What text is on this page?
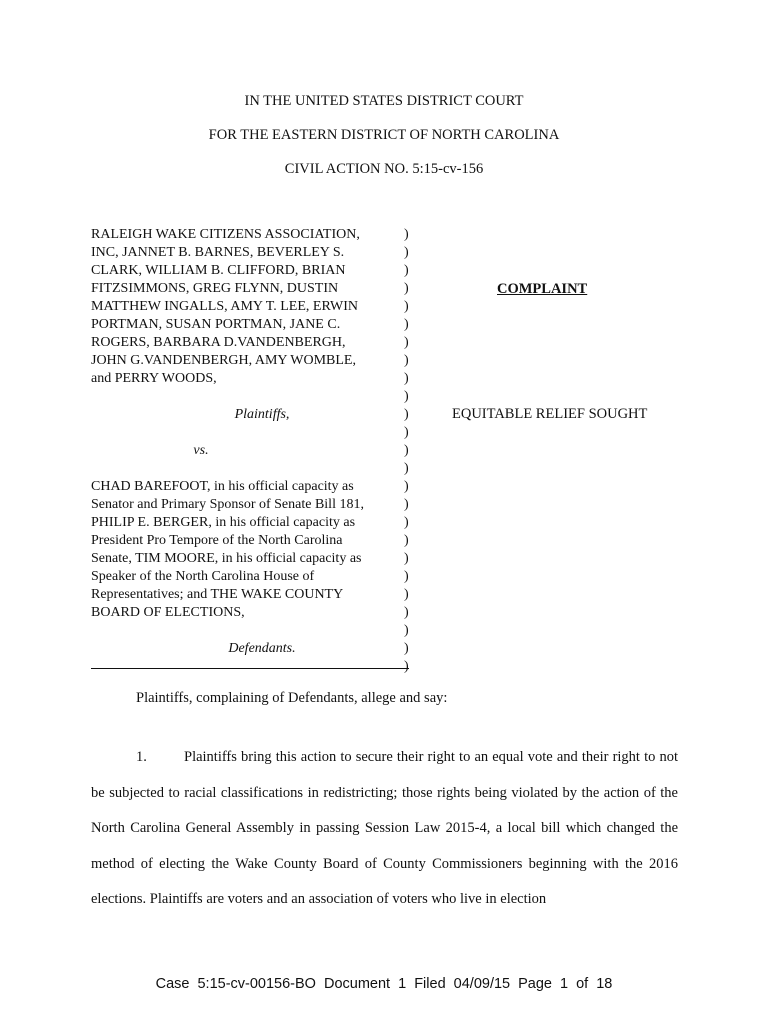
IN THE UNITED STATES DISTRICT COURT
FOR THE EASTERN DISTRICT OF NORTH CAROLINA
CIVIL ACTION NO. 5:15-cv-156
RALEIGH WAKE CITIZENS ASSOCIATION,
INC, JANNET B. BARNES, BEVERLEY S.
CLARK, WILLIAM B. CLIFFORD, BRIAN
FITZSIMMONS, GREG FLYNN, DUSTIN
MATTHEW INGALLS, AMY T. LEE, ERWIN
PORTMAN, SUSAN PORTMAN, JANE C.
ROGERS, BARBARA D.VANDENBERGH,
JOHN G.VANDENBERGH, AMY WOMBLE,
and PERRY WOODS,
Plaintiffs,
vs.
CHAD BAREFOOT, in his official capacity as
Senator and Primary Sponsor of Senate Bill 181,
PHILIP E. BERGER, in his official capacity as
President Pro Tempore of the North Carolina
Senate, TIM MOORE, in his official capacity as
Speaker of the North Carolina House of
Representatives; and THE WAKE COUNTY
BOARD OF ELECTIONS,
Defendants.
)
)
)
)
)
)
)
)
)
)
)
)
)
)
)
)
)
)
)
)
)
)
)
)
)
COMPLAINT
EQUITABLE RELIEF SOUGHT
Plaintiffs, complaining of Defendants, allege and say:
1.	Plaintiffs bring this action to secure their right to an equal vote and their right to not be subjected to racial classifications in redistricting; those rights being violated by the action of the North Carolina General Assembly in passing Session Law 2015-4, a local bill which changed the method of electing the Wake County Board of County Commissioners beginning with the 2016 elections. Plaintiffs are voters and an association of voters who live in election
Case 5:15-cv-00156-BO Document 1 Filed 04/09/15 Page 1 of 18
